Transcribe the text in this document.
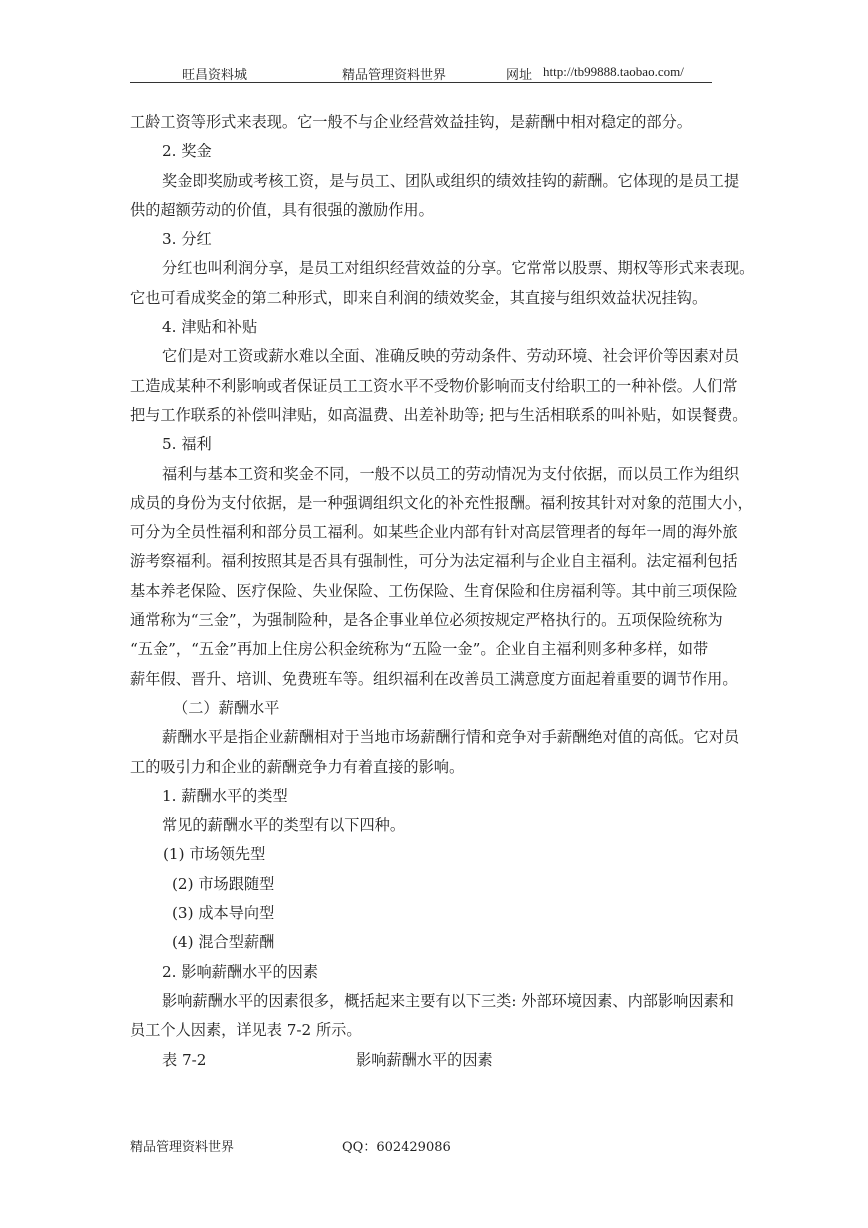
旺昌资料城	精品管理资料世界	网址 http://tb99888.taobao.com/

工龄工资等形式来表现。它一般不与企业经营效益挂钩，是薪酬中相对稳定的部分。

2. 奖金

奖金即奖励或考核工资，是与员工、团队或组织的绩效挂钩的薪酬。它体现的是员工提

供的超额劳动的价值，具有很强的激励作用。

3. 分红

分红也叫利润分享，是员工对组织经营效益的分享。它常常以股票、期权等形式来表现。

它也可看成奖金的第二种形式，即来自利润的绩效奖金，其直接与组织效益状况挂钩。

4. 津贴和补贴

它们是对工资或薪水难以全面、准确反映的劳动条件、劳动环境、社会评价等因素对员

工造成某种不利影响或者保证员工工资水平不受物价影响而支付给职工的一种补偿。人们常

把与工作联系的补偿叫津贴，如高温费、出差补助等; 把与生活相联系的叫补贴，如误餐费。

5. 福利

福利与基本工资和奖金不同，一般不以员工的劳动情况为支付依据，而以员工作为组织

成员的身份为支付依据，是一种强调组织文化的补充性报酬。福利按其针对对象的范围大小，

可分为全员性福利和部分员工福利。如某些企业内部有针对高层管理者的每年一周的海外旅

游考察福利。福利按照其是否具有强制性，可分为法定福利与企业自主福利。法定福利包括

基本养老保险、医疗保险、失业保险、工伤保险、生育保险和住房福利等。其中前三项保险

通常称为“三金”，为强制险种，是各企事业单位必须按规定严格执行的。五项保险统称为

“五金”，“五金”再加上住房公积金统称为“五险一金”。企业自主福利则多种多样，如带

薪年假、晋升、培训、免费班车等。组织福利在改善员工满意度方面起着重要的调节作用。

（二）薪酬水平

薪酬水平是指企业薪酬相对于当地市场薪酬行情和竞争对手薪酬绝对值的高低。它对员

工的吸引力和企业的薪酬竞争力有着直接的影响。

1. 薪酬水平的类型

常见的薪酬水平的类型有以下四种。

(1) 市场领先型

(2) 市场跟随型

(3) 成本导向型

(4) 混合型薪酬

2. 影响薪酬水平的因素

影响薪酬水平的因素很多，概括起来主要有以下三类: 外部环境因素、内部影响因素和

员工个人因素，详见表 7-2 所示。

表 7-2	影响薪酬水平的因素
精品管理资料世界	QQ：602429086
